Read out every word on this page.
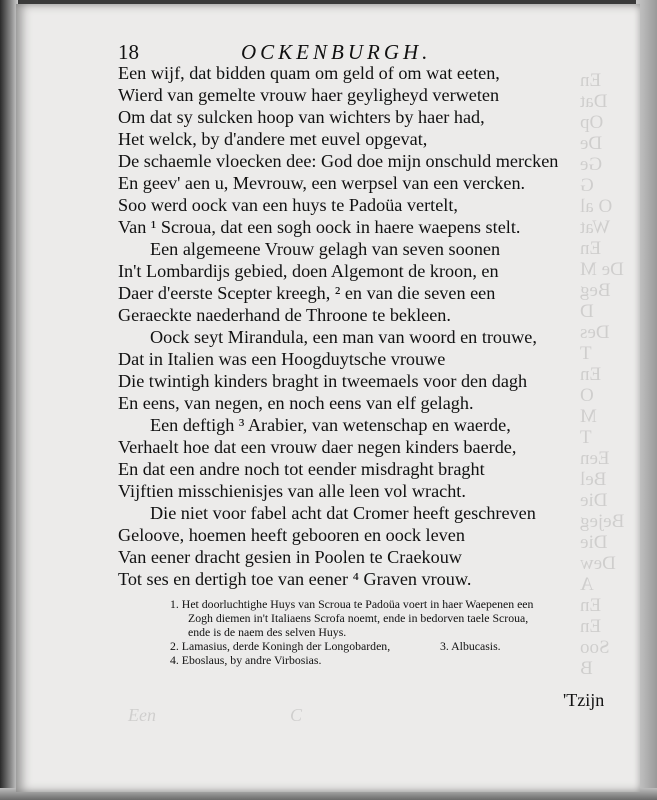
En
Dat
Op
De
Ge
G
O al
Wat
En
De M
Beg
D
Des
T
En
O
M
T
Een
Bel
Die
Bejeg
Die
Dew
A
En
En
Soo
B
18	OCKENBURGH.
Een wijf, dat bidden quam om geld of om wat eeten,
Wierd van gemelte vrouw haer geyligheyd verweten
Om dat sy sulcken hoop van wichters by haer had,
Het welck, by d'andere met euvel opgevat,
De schaemle vloecken dee: God doe mijn onschuld mercken
En geev' aen u, Mevrouw, een werpsel van een vercken.
Soo werd oock van een huys te Padoüa vertelt,
Van ¹ Scroua, dat een sogh oock in haere waepens stelt.
Een algemeene Vrouw gelagh van seven soonen
In't Lombardijs gebied, doen Algemont de kroon, en
Daer d'eerste Scepter kreegh, ² en van die seven een
Geraeckte naederhand de Throone te bekleen.
Oock seyt Mirandula, een man van woord en trouwe,
Dat in Italien was een Hoogduytsche vrouwe
Die twintigh kinders braght in tweemaels voor den dagh
En eens, van negen, en noch eens van elf gelagh.
Een deftigh ³ Arabier, van wetenschap en waerde,
Verhaelt hoe dat een vrouw daer negen kinders baerde,
En dat een andre noch tot eender misdraght braght
Vijftien misschienisjes van alle leen vol wracht.
Die niet voor fabel acht dat Cromer heeft geschreven
Geloove, hoemen heeft gebooren en oock leven
Van eener dracht gesien in Poolen te Craekouw
Tot ses en dertigh toe van eener ⁴ Graven vrouw.
1. Het doorluchtighe Huys van Scroua te Padoüa voert in haer Waepenen een
Zogh diemen in't Italiaens Scrofa noemt, ende in bedorven taele Scroua,
ende is de naem des selven Huys.
2. Lamasius, derde Koningh der Longobarden,	3. Albucasis.
4. Eboslaus, by andre Virbosias.
'Tzijn
Een	C
